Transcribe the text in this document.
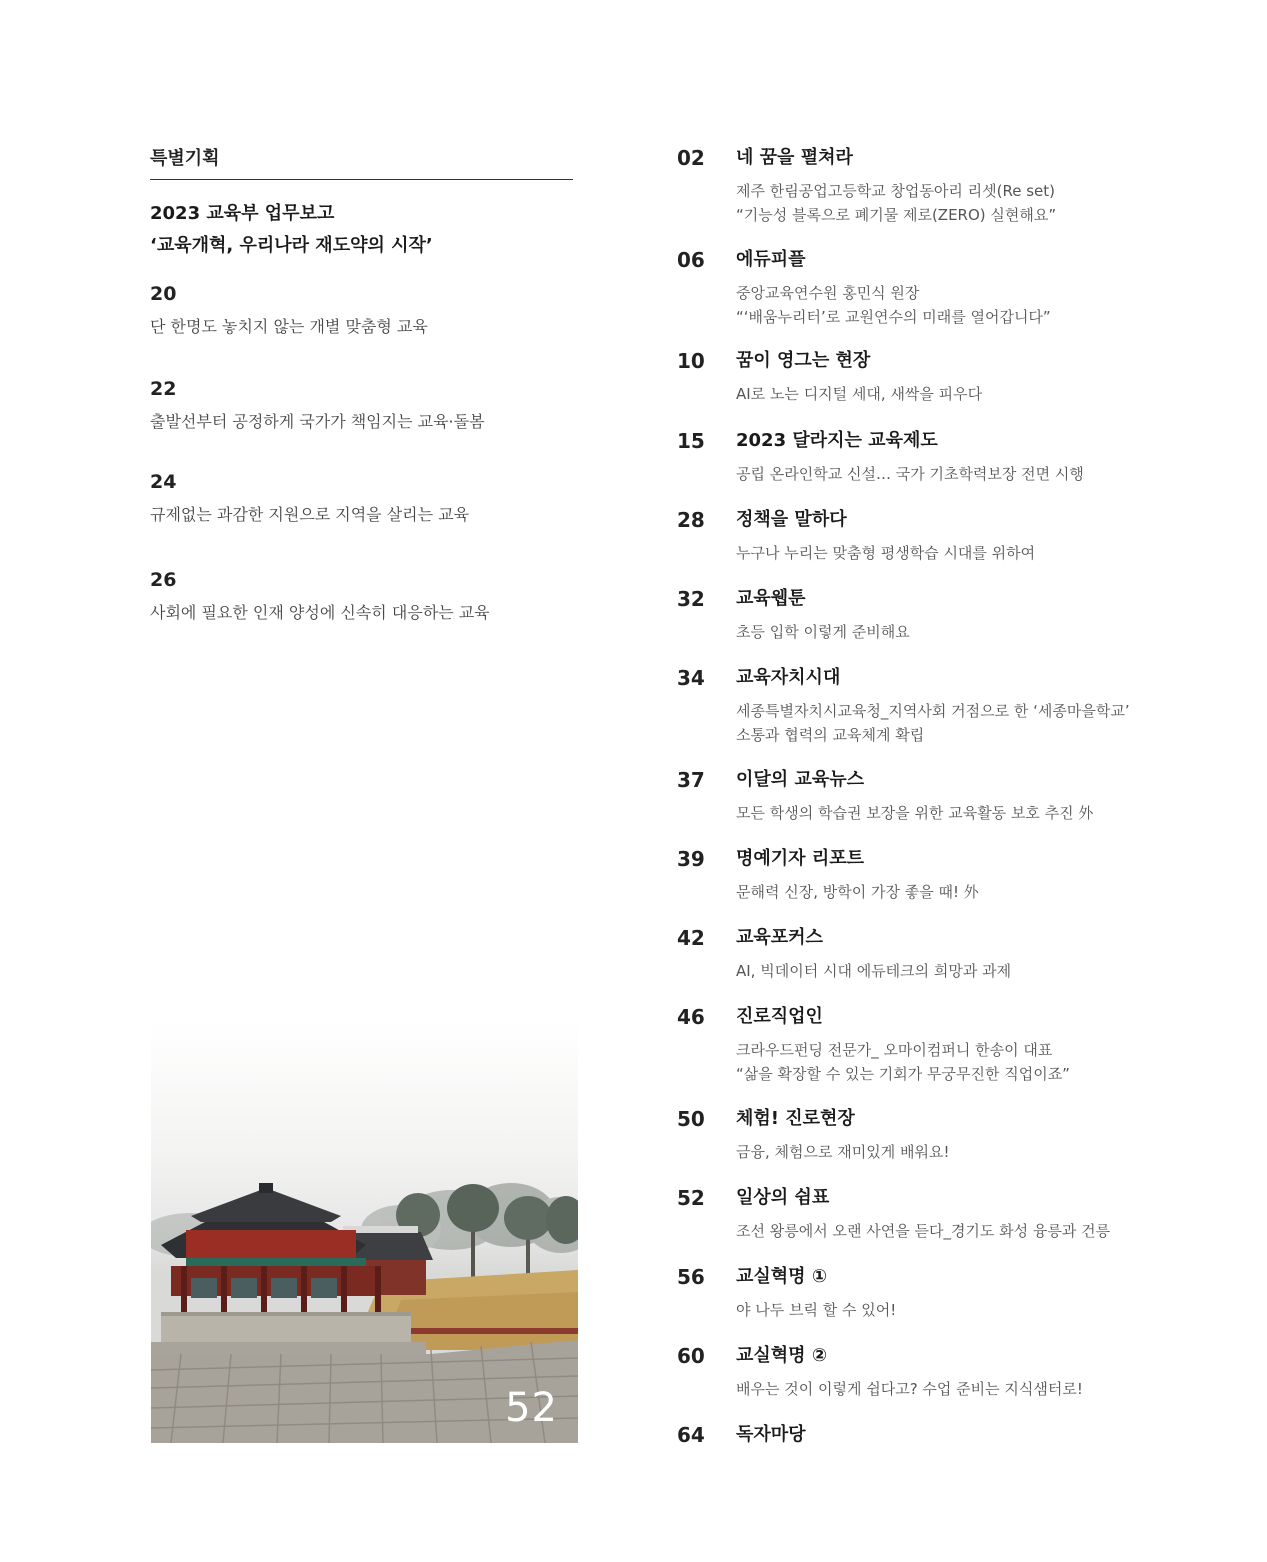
특별기획
2023 교육부 업무보고
‘교육개혁, 우리나라 재도약의 시작’
20
단 한명도 놓치지 않는 개별 맞춤형 교육
22
출발선부터 공정하게 국가가 책임지는 교육·돌봄
24
규제없는 과감한 지원으로 지역을 살리는 교육
26
사회에 필요한 인재 양성에 신속히 대응하는 교육
52
02 네 꿈을 펼쳐라
제주 한림공업고등학교 창업동아리 리셋(Re set)
“기능성 블록으로 폐기물 제로(ZERO) 실현해요”
06 에듀피플
중앙교육연수원 홍민식 원장
“‘배움누리터’로 교원연수의 미래를 열어갑니다”
10 꿈이 영그는 현장
AI로 노는 디지털 세대, 새싹을 피우다
15 2023 달라지는 교육제도
공립 온라인학교 신설… 국가 기초학력보장 전면 시행
28 정책을 말하다
누구나 누리는 맞춤형 평생학습 시대를 위하여
32 교육웹툰
초등 입학 이렇게 준비해요
34 교육자치시대
세종특별자치시교육청_지역사회 거점으로 한 ‘세종마을학교’
소통과 협력의 교육체계 확립
37 이달의 교육뉴스
모든 학생의 학습권 보장을 위한 교육활동 보호 추진 外
39 명예기자 리포트
문해력 신장, 방학이 가장 좋을 때! 外
42 교육포커스
AI, 빅데이터 시대 에듀테크의 희망과 과제
46 진로직업인
크라우드펀딩 전문가_ 오마이컴퍼니 한송이 대표
“삶을 확장할 수 있는 기회가 무궁무진한 직업이죠”
50 체험! 진로현장
금융, 체험으로 재미있게 배워요!
52 일상의 쉼표
조선 왕릉에서 오랜 사연을 듣다_경기도 화성 융릉과 건릉
56 교실혁명 ①
야 나두 브릭 할 수 있어!
60 교실혁명 ②
배우는 것이 이렇게 쉽다고? 수업 준비는 지식샘터로!
64 독자마당
